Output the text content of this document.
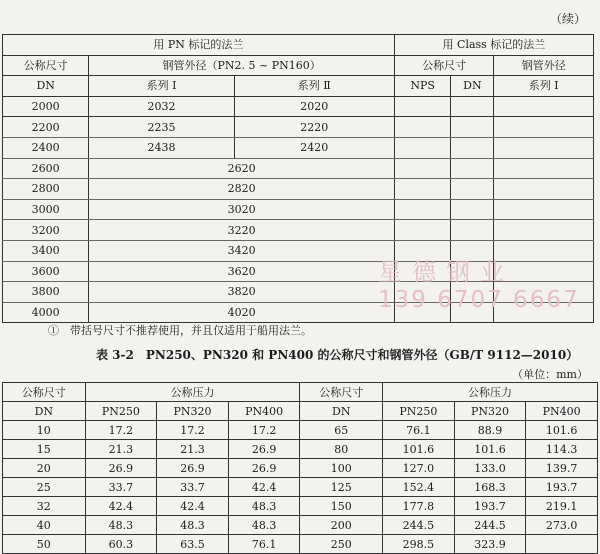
（续）
用 PN 标记的法兰			用 Class 标记的法兰		
公称尺寸	钢管外径（PN2. 5 ~ PN160）		公称尺寸		钢管外径
DN	系列 Ⅰ	系列 Ⅱ	NPS	DN	系列 Ⅰ
2000	2032	2020			
2200	2235	2220			
2400	2438	2420			
2600	2620				
2800	2820				
3000	3020				
3200	3220				
3400	3420				
3600	3620				
3800	3820				
4000	4020				
①　带括号尺寸不推荐使用，并且仅适用于船用法兰。
表 3-2　PN250、PN320 和 PN400 的公称尺寸和钢管外径（GB/T 9112—2010）
（单位：mm）
公称尺寸	公称压力			公称尺寸	公称压力		
DN	PN250	PN320	PN400	DN	PN250	PN320	PN400
10	17.2	17.2	17.2	65	76.1	88.9	101.6
15	21.3	21.3	26.9	80	101.6	101.6	114.3
20	26.9	26.9	26.9	100	127.0	133.0	139.7
25	33.7	33.7	42.4	125	152.4	168.3	193.7
32	42.4	42.4	48.3	150	177.8	193.7	219.1
40	48.3	48.3	48.3	200	244.5	244.5	273.0
50	60.3	63.5	76.1	250	298.5	323.9	
星德钢业
139 6707 6667
